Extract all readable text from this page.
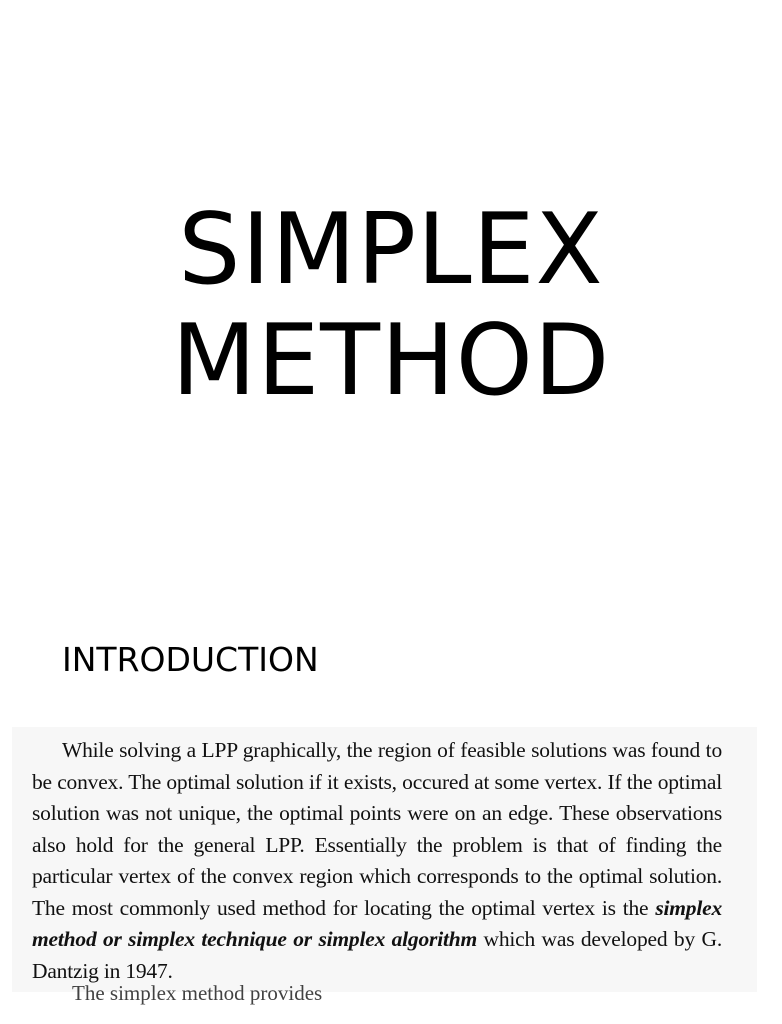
SIMPLEX
METHOD
INTRODUCTION

While solving a LPP graphically, the region of feasible solutions was found to be convex. The optimal solution if it exists, occured at some vertex. If the optimal solution was not unique, the optimal points were on an edge. These observations also hold for the general LPP. Essentially the problem is that of finding the particular vertex of the convex region which corresponds to the optimal solution. The most commonly used method for locating the optimal vertex is the simplex method or simplex technique or simplex algorithm which was developed by G. Dantzig in 1947.

The simplex method provides
